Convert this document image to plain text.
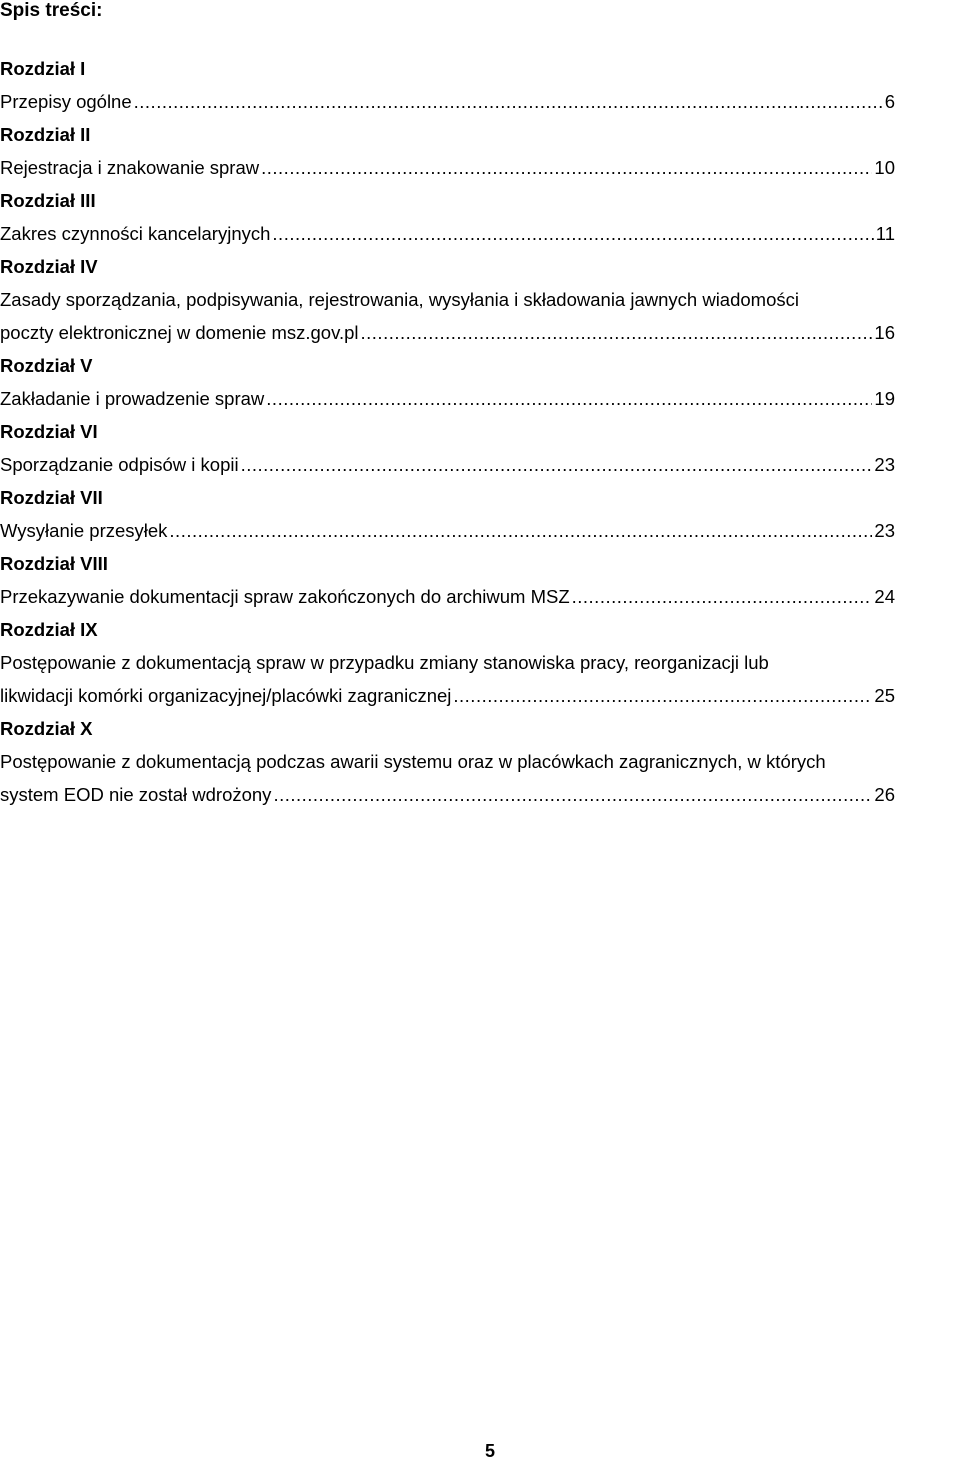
Spis treści:
Rozdział I
Przepisy ogólne .....	6
Rozdział II
Rejestracja i znakowanie spraw .....	10
Rozdział III
Zakres czynności kancelaryjnych .....	11
Rozdział IV
Zasady sporządzania, podpisywania, rejestrowania, wysyłania i składowania jawnych wiadomości
poczty elektronicznej w domenie msz.gov.pl .....	16
Rozdział V
Zakładanie i prowadzenie spraw .....	19
Rozdział VI
Sporządzanie odpisów i kopii .....	23
Rozdział VII
Wysyłanie przesyłek .....	23
Rozdział VIII
Przekazywanie dokumentacji spraw zakończonych do archiwum MSZ .....	24
Rozdział IX
Postępowanie z dokumentacją spraw w przypadku zmiany stanowiska pracy, reorganizacji lub
likwidacji komórki organizacyjnej/placówki zagranicznej .....	25
Rozdział X
Postępowanie z dokumentacją podczas awarii systemu oraz w placówkach zagranicznych, w których
system EOD nie został wdrożony .....	26
5
